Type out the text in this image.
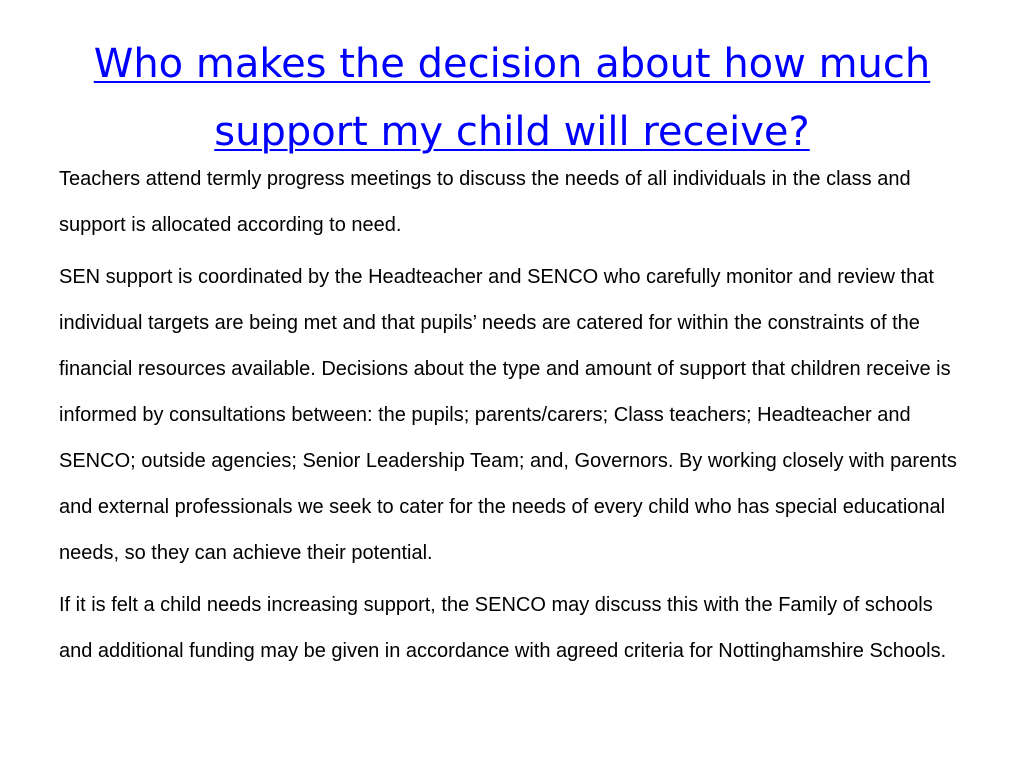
Who makes the decision about how much support my child will receive?

Teachers attend termly progress meetings to discuss the needs of all individuals in the class and support is allocated according to need.

SEN support is coordinated by the Headteacher and SENCO who carefully monitor and review that individual targets are being met and that pupils’ needs are catered for within the constraints of the financial resources available. Decisions about the type and amount of support that children receive is informed by consultations between: the pupils; parents/carers; Class teachers; Headteacher and SENCO; outside agencies; Senior Leadership Team; and, Governors. By working closely with parents and external professionals we seek to cater for the needs of every child who has special educational needs, so they can achieve their potential.

If it is felt a child needs increasing support, the SENCO may discuss this with the Family of schools and additional funding may be given in accordance with agreed criteria for Nottinghamshire Schools.
